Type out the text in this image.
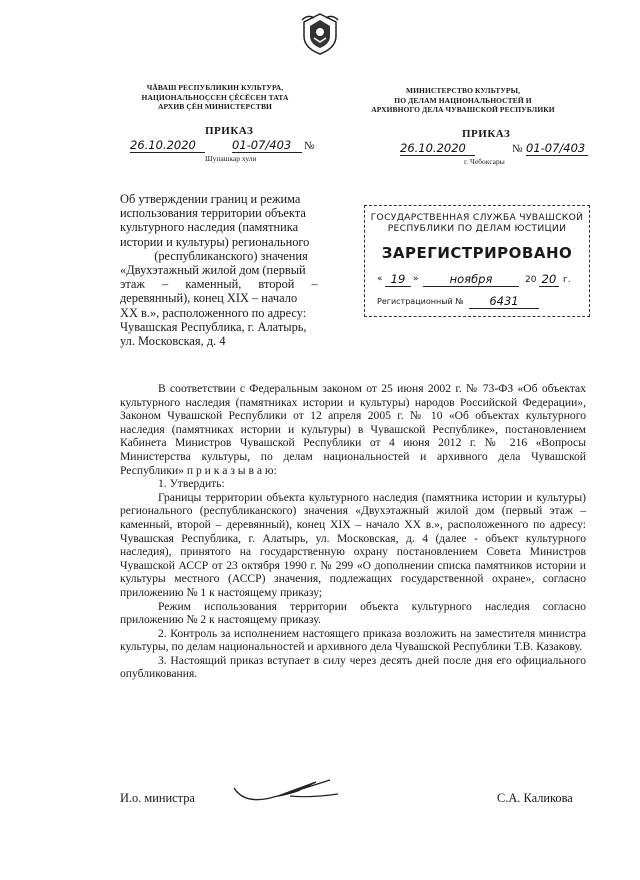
ЧĂВАШ РЕСПУБЛИКИН КУЛЬТУРА,
НАЦИОНАЛЬНОÇСЕН ÇĔСĔСЕН ТАТА
АРХИВ ÇĔН МИНИСТЕРСТВИ
МИНИСТЕРСТВО КУЛЬТУРЫ,
ПО ДЕЛАМ НАЦИОНАЛЬНОСТЕЙ И
АРХИВНОГО ДЕЛА ЧУВАШСКОЙ РЕСПУБЛИКИ
ПРИКАЗ	ПРИКАЗ
26.10.2020	01-07/403	№
Шупашкар хули
26.10.2020	№ 01-07/403
г. Чебоксары
Об утверждении границ и режима
использования территории объекта
культурного наследия (памятника
истории и культуры) регионального
(республиканского) значения
«Двухэтажный жилой дом (первый
этаж – каменный, второй –
деревянный), конец XIX – начало
XX в.», расположенного по адресу:
Чувашская Республика, г. Алатырь,
ул. Московская, д. 4
ГОСУДАРСТВЕННАЯ СЛУЖБА ЧУВАШСКОЙ
РЕСПУБЛИКИ ПО ДЕЛАМ ЮСТИЦИИ
ЗАРЕГИСТРИРОВАНО
« 19 »	ноября	20 20 г.
Регистрационный №	6431

В соответствии с Федеральным законом от 25 июня 2002 г. № 73-ФЗ «Об объектах культурного наследия (памятниках истории и культуры) народов Российской Федерации», Законом Чувашской Республики от 12 апреля 2005 г. № 10 «Об объектах культурного наследия (памятниках истории и культуры) в Чувашской Республике», постановлением Кабинета Министров Чувашской Республики от 4 июня 2012 г. № 216 «Вопросы Министерства культуры, по делам национальностей и архивного дела Чувашской Республики» п р и к а з ы в а ю:

1. Утвердить:

Границы территории объекта культурного наследия (памятника истории и культуры) регионального (республиканского) значения «Двухэтажный жилой дом (первый этаж – каменный, второй – деревянный), конец XIX – начало XX в.», расположенного по адресу: Чувашская Республика, г. Алатырь, ул. Московская, д. 4 (далее - объект культурного наследия), принятого на государственную охрану постановлением Совета Министров Чувашской АССР от 23 октября 1990 г. № 299 «О дополнении списка памятников истории и культуры местного (АССР) значения, подлежащих государственной охране», согласно приложению № 1 к настоящему приказу;

Режим использования территории объекта культурного наследия согласно приложению № 2 к настоящему приказу.

2. Контроль за исполнением настоящего приказа возложить на заместителя министра культуры, по делам национальностей и архивного дела Чувашской Республики Т.В. Казакову.

3. Настоящий приказ вступает в силу через десять дней после дня его официального опубликования.

И.о. министра	С.А. Каликова
